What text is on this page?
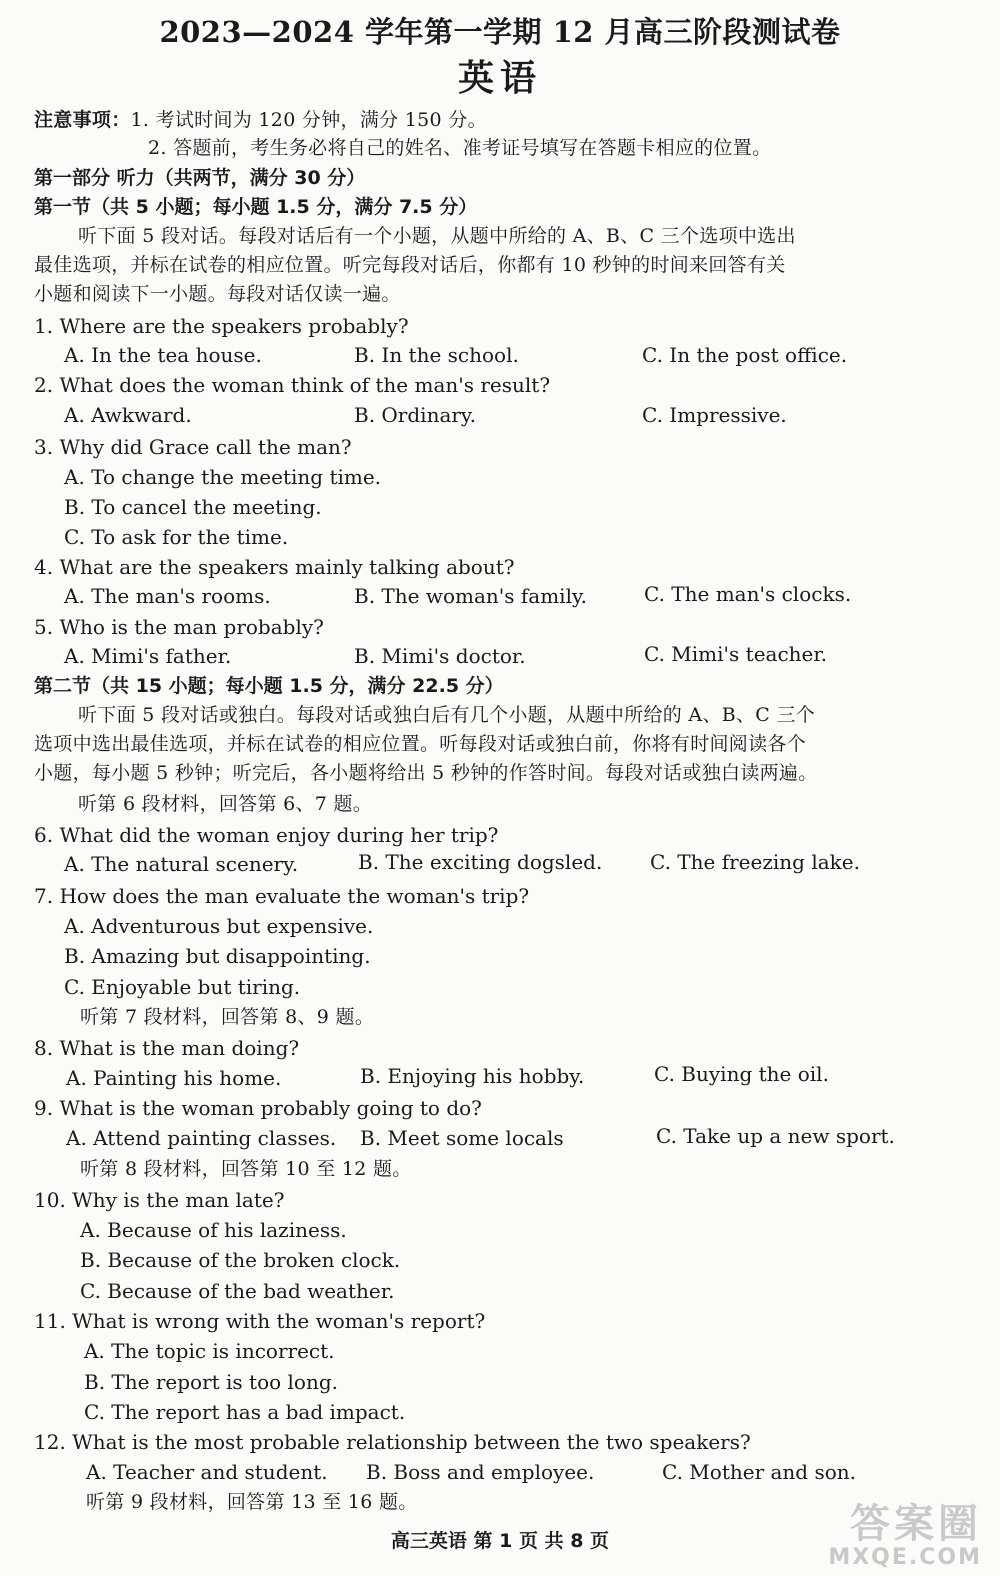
2023—2024 学年第一学期 12 月高三阶段测试卷
英语
注意事项：1. 考试时间为 120 分钟，满分 150 分。
2. 答题前，考生务必将自己的姓名、准考证号填写在答题卡相应的位置。
第一部分 听力（共两节，满分 30 分）
第一节（共 5 小题；每小题 1.5 分，满分 7.5 分）
听下面 5 段对话。每段对话后有一个小题，从题中所给的 A、B、C 三个选项中选出
最佳选项，并标在试卷的相应位置。听完每段对话后，你都有 10 秒钟的时间来回答有关
小题和阅读下一小题。每段对话仅读一遍。
1. Where are the speakers probably?
A. In the tea house.	B. In the school.	C. In the post office.
2. What does the woman think of the man's result?
A. Awkward.	B. Ordinary.	C. Impressive.
3. Why did Grace call the man?
A. To change the meeting time.
B. To cancel the meeting.
C. To ask for the time.
4. What are the speakers mainly talking about?
A. The man's rooms.	B. The woman's family.	C. The man's clocks.
5. Who is the man probably?
A. Mimi's father.	B. Mimi's doctor.	C. Mimi's teacher.
第二节（共 15 小题；每小题 1.5 分，满分 22.5 分）
听下面 5 段对话或独白。每段对话或独白后有几个小题，从题中所给的 A、B、C 三个
选项中选出最佳选项，并标在试卷的相应位置。听每段对话或独白前，你将有时间阅读各个
小题，每小题 5 秒钟；听完后，各小题将给出 5 秒钟的作答时间。每段对话或独白读两遍。
听第 6 段材料，回答第 6、7 题。
6. What did the woman enjoy during her trip?
A. The natural scenery.	B. The exciting dogsled. C. The freezing lake.
7. How does the man evaluate the woman's trip?
A. Adventurous but expensive.
B. Amazing but disappointing.
C. Enjoyable but tiring.
听第 7 段材料，回答第 8、9 题。
8. What is the man doing?
A. Painting his home.	B. Enjoying his hobby.	C. Buying the oil.
9. What is the woman probably going to do?
A. Attend painting classes. B. Meet some locals	C. Take up a new sport.
听第 8 段材料，回答第 10 至 12 题。
10. Why is the man late?
A. Because of his laziness.
B. Because of the broken clock.
C. Because of the bad weather.
11. What is wrong with the woman's report?
A. The topic is incorrect.
B. The report is too long.
C. The report has a bad impact.
12. What is the most probable relationship between the two speakers?
A. Teacher and student. B. Boss and employee.	C. Mother and son.
听第 9 段材料，回答第 13 至 16 题。
高三英语 第 1 页 共 8 页	答案圈
MXQE.COM
